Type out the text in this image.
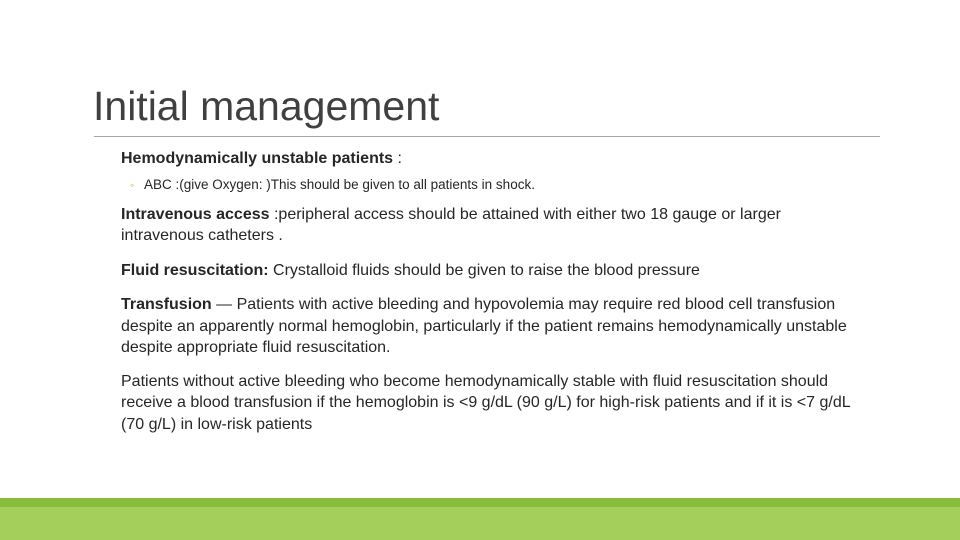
Initial management

Hemodynamically unstable patients :

◦ ABC :(give Oxygen: )This should be given to all patients in shock.

Intravenous access :peripheral access should be attained with either two 18 gauge or larger intravenous catheters .

Fluid resuscitation: Crystalloid fluids should be given to raise the blood pressure

Transfusion — Patients with active bleeding and hypovolemia may require red blood cell transfusion despite an apparently normal hemoglobin, particularly if the patient remains hemodynamically unstable despite appropriate fluid resuscitation.

Patients without active bleeding who become hemodynamically stable with fluid resuscitation should receive a blood transfusion if the hemoglobin is <9 g/dL (90 g/L) for high-risk patients and if it is <7 g/dL (70 g/L) in low-risk patients
